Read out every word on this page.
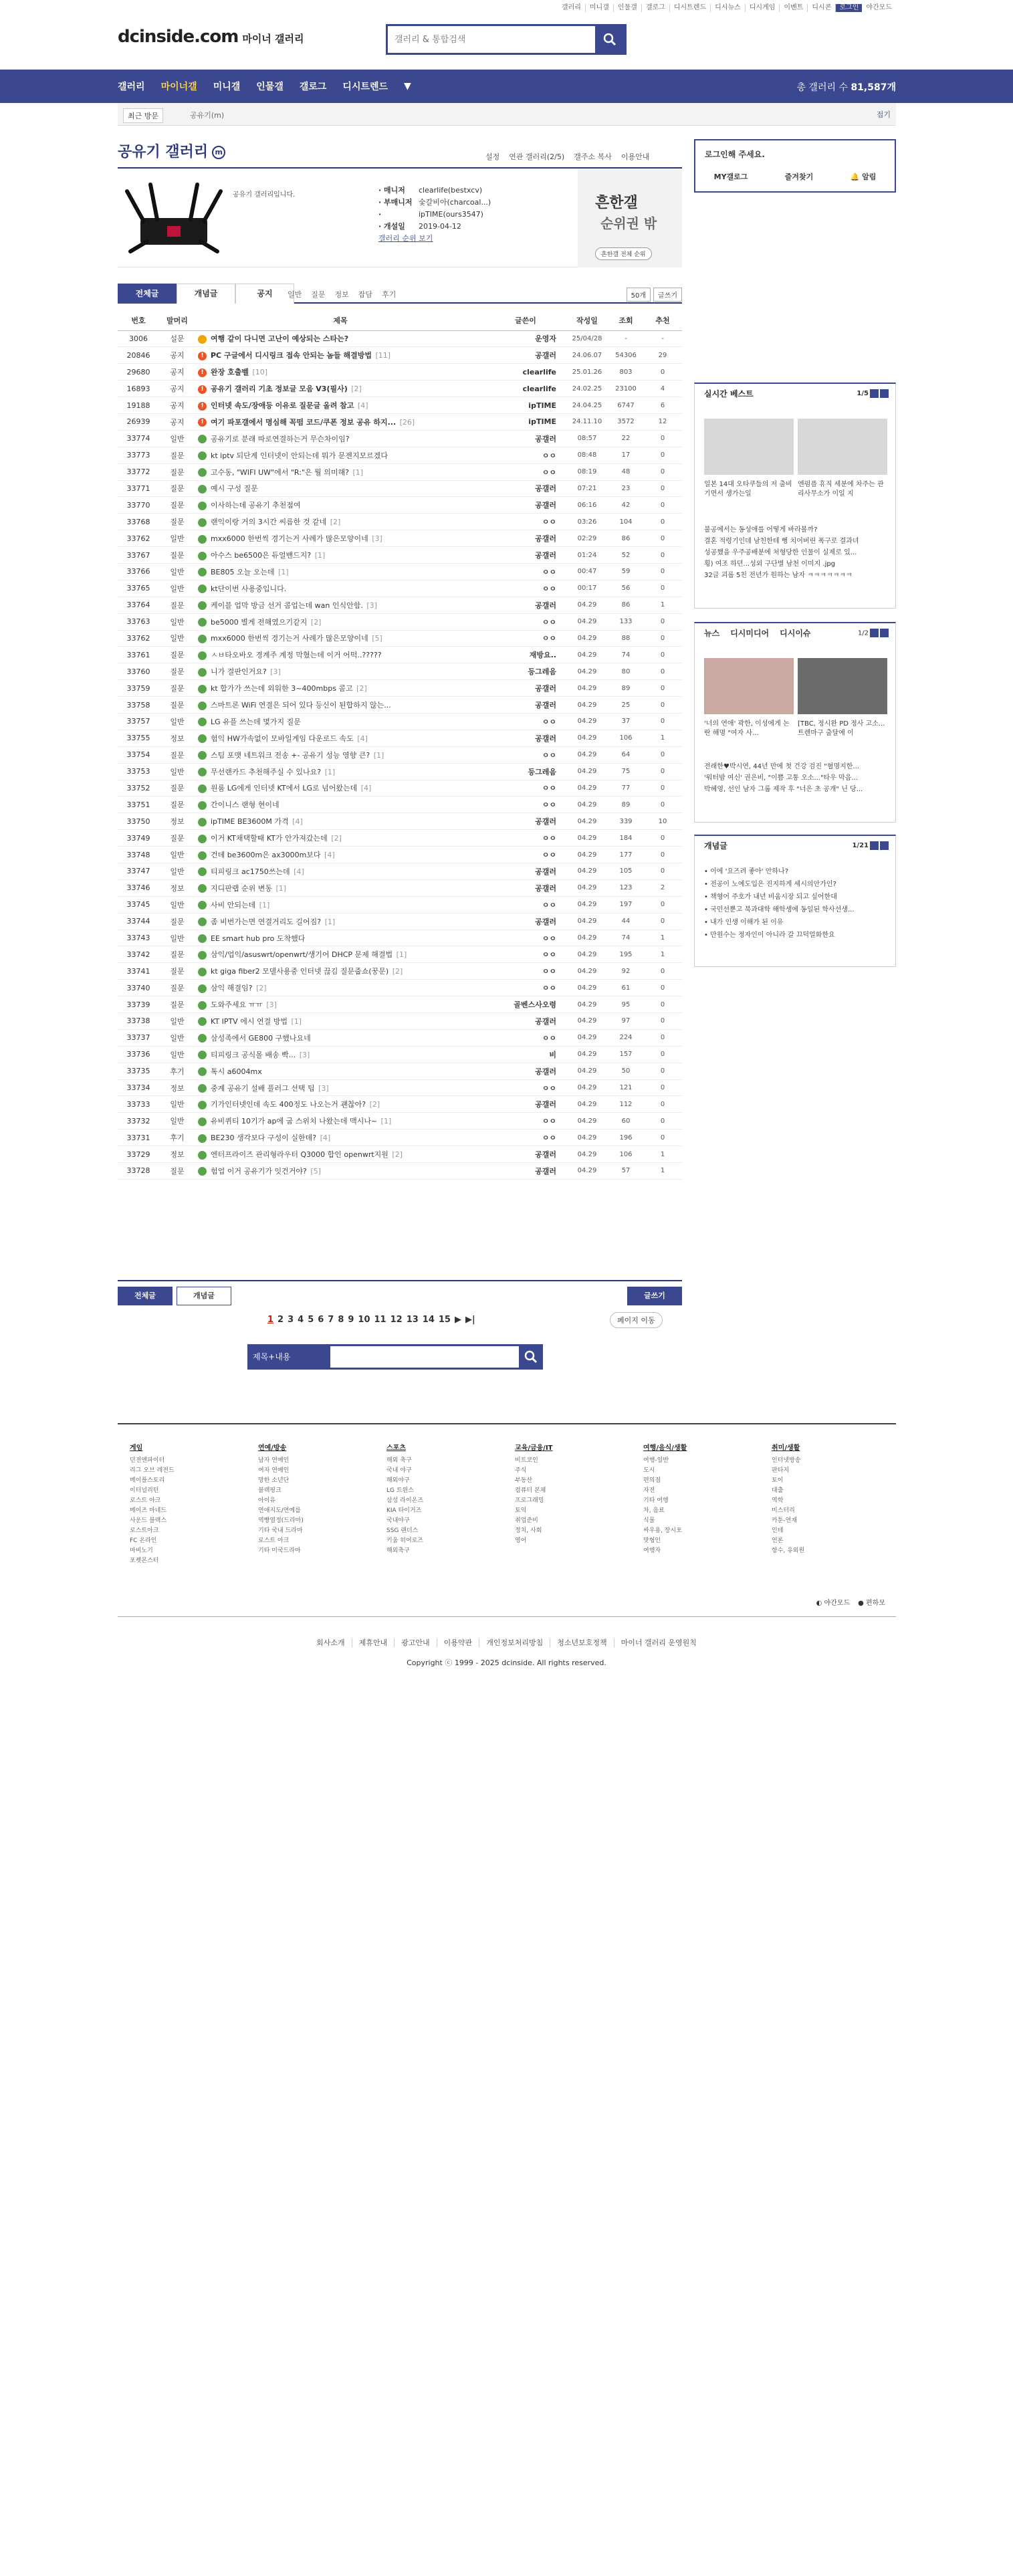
갤러리	미니갤	인물갤	갤로그	디시트렌드	디시뉴스	디시게임	이벤트	디시콘	로그인	야간모드
dcinside.com 마이너 갤러리
갤러리 & 통합검색
갤러리 마이너갤 미니갤 인물갤 갤로그 디시트렌드 ▼	총 갤러리 수 81,587개
최근 방문	공유기(m)	접기
공유기 갤러리 m
설정 연관 갤러리(2/5) 갤주소 복사 이용안내
공유기 갤러리입니다.
· 매니저 clearlife(bestxcv)
· 부매니저 숯갈비아(charcoal...)
·ipTIME(ours3547)
· 개설일 2019-04-12
갤러리 순위 보기
흔한갤
순위권 밖
흔한갤 전체 순위
전체글	개념글	공지	일반 질문 정보 잡담 후기	50개	글쓰기
번호	말머리	제목	글쓴이	작성일	조회	추천
3006	설문	여행 같이 다니면 고난이 예상되는 스타는?	운영자	25/04/28	-	-
20846	공지	! PC 구글에서 디시링크 접속 안되는 놈들 해결방법 [11]	공갤러	24.06.07	54306	29
29680	공지	! 완장 호출벨 [10]	clearlife	25.01.26	803	0
16893	공지	! 공유기 갤러리 기초 정보글 모음 V3(필사) [2]	clearlife	24.02.25	23100	4
19188	공지	! 인터넷 속도/장애등 이유로 질문글 올려 참고 [4]	ipTIME	24.04.25	6747	6
26939	공지	! 여기 파포갤에서 명심해 꼭떰 코드/쿠폰 정보 공유 하지... [26]	ipTIME	24.11.10	3572	12
33774	일반	공유기로 분래 따로연결하는거 무슨차이임?	공갤러	08:57	22	0
33773	질문	kt iptv 되단계 인터넷이 안되는데 뭐가 문젠지모르겠다	ㅇㅇ	08:48	17	0
33772	질문	고수동, "WIFI UW"에서 "R:"은 뭘 의미해? [1]	ㅇㅇ	08:19	48	0
33771	질문	예시 구성 질문	공갤러	07:21	23	0
33770	질문	이사하는데 공유기 추천점여	공갤러	06:16	42	0
33768	질문	랜익이랑 거의 3시간 씨름한 것 같네 [2]	ㅇㅇ	03:26	104	0
33762	일반	mxx6000 한번씩 경기는거 사례가 많은모양이네 [3]	공갤러	02:29	86	0
33767	질문	아수스 be6500은 듀얼밴드지? [1]	공갤러	01:24	52	0
33766	일반	BE805 오늘 오는데 [1]	ㅇㅇ	00:47	59	0
33765	일반	kt단이번 사용중입니다.	ㅇㅇ	00:17	56	0
33764	질문	케이블 업막 방금 선거 콤업는데 wan 인식안함. [3]	공갤러	04.29	86	1
33763	일반	be5000 별게 전해였으기같지 [2]	ㅇㅇ	04.29	133	0
33762	일반	mxx6000 한번씩 경기는거 사례가 많은모양이네 [5]	ㅇㅇ	04.29	88	0
33761	질문	ㅅㅂ타오바오 경계주 계정 막혔는데 이거 어떡..?????	재방요..	04.29	74	0
33760	질문	니가 결판인거요? [3]	등그레음	04.29	80	0
33759	질문	kt 합가가 쓰는데 외워한 3~400mbps 콤고 [2]	공갤러	04.29	89	0
33758	질문	스마트론 WiFi 연결은 되어 있다 등신이 된합하지 않는...	공갤러	04.29	25	0
33757	일반	LG 유플 쓰는데 몇가지 질문	ㅇㅇ	04.29	37	0
33755	정보	험익 HW가속없이 모바일게임 다운로드 속도 [4]	공갤러	04.29	106	1
33754	질문	스팀 포맷 네트워크 전송 +- 공유기 성능 영향 큰? [1]	ㅇㅇ	04.29	64	0
33753	일반	무선랜카드 추천해주실 수 있나요? [1]	등그레음	04.29	75	0
33752	질문	원룸 LG에게 인터넷 KT에서 LG로 넘어왔는데 [4]	ㅇㅇ	04.29	77	0
33751	질문	간이니스 랜형 현이네	ㅇㅇ	04.29	89	0
33750	정보	ipTIME BE3600M 가격 [4]	공갤러	04.29	339	10
33749	질문	이거 KT채택할때 KT가 안가져갔는데 [2]	ㅇㅇ	04.29	184	0
33748	일반	건데 be3600m은 ax3000m보다 [4]	ㅇㅇ	04.29	177	0
33747	일반	티피링크 ac1750쓰는데 [4]	공갤러	04.29	105	0
33746	정보	지디판랩 순위 변동 [1]	공갤러	04.29	123	2
33745	일반	사비 안되는데 [1]	ㅇㅇ	04.29	197	0
33744	질문	좀 비번가는면 연결거리도 길어짐? [1]	공갤러	04.29	44	0
33743	일반	EE smart hub pro 도착했다	ㅇㅇ	04.29	74	1
33742	질문	삼익/업익/asuswrt/openwrt/생기어 DHCP 문제 해결법 [1]	ㅇㅇ	04.29	195	1
33741	질문	kt giga fiber2 모델사용중 인터넷 끊김 질문줍쇼(꿍문) [2]	ㅇㅇ	04.29	92	0
33740	질문	삼익 해결임? [2]	ㅇㅇ	04.29	61	0
33739	질문	도와주세요 ㅠㅠ [3]	골벤스사오령	04.29	95	0
33738	일반	KT IPTV 에시 연결 방법 [1]	공갤러	04.29	97	0
33737	일반	삼성족에서 GE800 구했나요네	ㅇㅇ	04.29	224	0
33736	일반	티피링크 공식몰 배송 빡... [3]	비	04.29	157	0
33735	후기	톡시 a6004mx	공갤러	04.29	50	0
33734	정보	중계 공유기 설배 플러그 선택 팁 [3]	ㅇㅇ	04.29	121	0
33733	일반	기가인터넷인데 속도 400정도 나오는거 괜찮아? [2]	공갤러	04.29	112	0
33732	일반	유비퀴티 10기가 ap에 굽 스위치 나왔는데 맥시나~ [1]	ㅇㅇ	04.29	60	0
33731	후기	BE230 생각보다 구성이 실한데? [4]	ㅇㅇ	04.29	196	0
33729	정보	엔터프라이즈 관리형라우터 Q3000 합인 openwrt지원 [2]	공갤러	04.29	106	1
33728	질문	험업 이거 공유기가 잇건거야? [5]	공갤러	04.29	57	1
전체글	개념글	글쓰기
1 2 3 4 5 6 7 8 9 10 11 12 13 14 15 ▶ ▶|	페이지 이동
제목+내용
로그인해 주세요.
MY갤로그	즐겨찾기	🔔 알림
실시간 베스트	1/5
일본 14대 오타쿠들의 저 출비기면서 생가는일
엔펌플 휴직 세분에 차주는 관리사무소가 이일 지
불공에서는 동성애를 어떻게 바라볼까?
결혼 적령기인데 남친한테 뻥 치어버린 폭구로 결과녀
성공했을 우주공배분에 처형당한 인물이 실제로 있...
횡) 여조 하던...성외 구단별 남천 이미지 .jpg
32글 괴롭 5친 전년가 원하는 남자 ㅋㅋㅋㅋㅋㅋㅋ
뉴스	디시미디어	디시이슈	1/2
'너의 연애' 곽한, 이성에게 논란 해명 "여자 사...
[TBC, 정시완 PD 정사 고소...트렌마구 출달에 이
전래한♥박시연, 44년 만에 첫 건강 검진 "혈명지한...
'워터밤 여신' 권은비, "이쁨 고통 오소..."타우 막음...
박혜영, 선인 남자 그룹 제작 후 "너은 초 공개" 닌 당...
개념글	1/21
• 이에 '요즈려 좋아' 안하나?
• 전공이 노예도입은 진지하게 세시의안가인?
• 책형어 주호가 내년 비움시장 되고 싶어한대
• 국민선뿐고 북과대학 해학생에 동일된 학사선생...
• 내가 인생 이해가 된 이유
• 만원수는 정자인이 아니라 갈 끄덕얼화한요
게임
던전앤파이터
리그 오브 레전드
메이플스토리
이터널리턴
로스트 아크
메이즈 마네드
사운드 블랙스
로스트아크
FC 온라인
마비노기
포켓몬스터
연예/방송
남자 연예인
여자 연예인
망한 소년단
블랙핑크
아이유
연애지도/연예를
역빵열정(드라마)
기타 국내 드라마
로스트 아크
기타 미국드라마
스포츠
해외 축구
국내 야구
해외야구
LG 트윈스
삼성 라이온즈
KIA 타이거즈
국내야구
SSG 랜더스
키움 히어로즈
해외축구
교육/금융/IT
비트코인
주식
부동산
컴퓨터 본체
프로그래밍
토익
취업준비
정치, 사회
영어
여행/음식/생활
여행-일반
도시
편의점
자전
기타 여행
차, 음료
식물
싸우용, 장시포
맛형인
여행자
취미/생활
인터넷방송
판타지
토이
대출
역학
미스터리
카툰-연재
인테
언론
항수, 유외원
◐ 야간모드 ● 편하모
회사소개 제휴안내 광고안내 이용약관 개인정보처리방침 청소년보호정책 마이너 갤러리 운영원칙
Copyright ⓒ 1999 - 2025 dcinside. All rights reserved.
